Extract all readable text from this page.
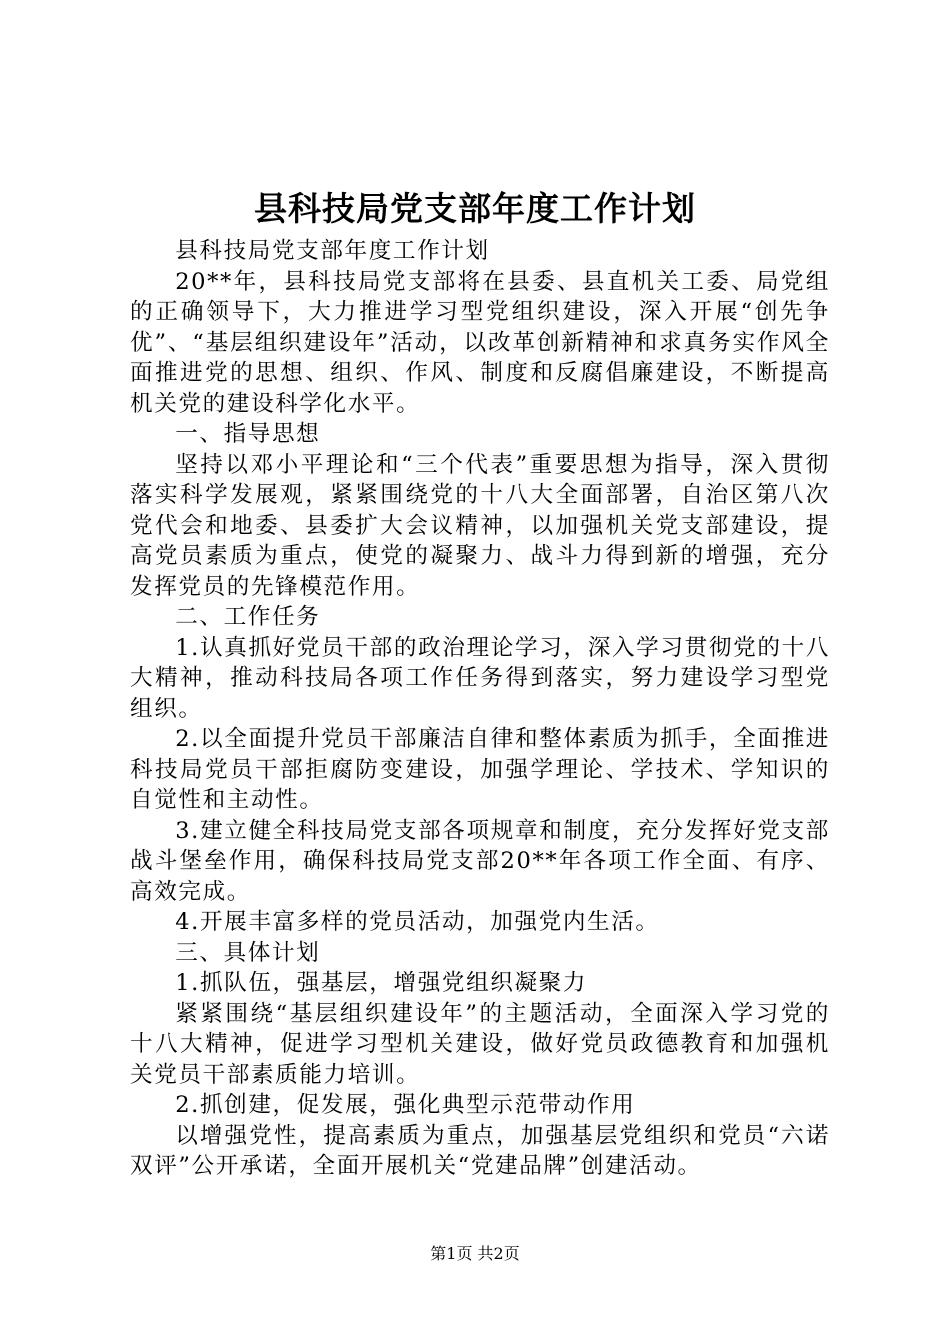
县科技局党支部年度工作计划

县科技局党支部年度工作计划

20**年，县科技局党支部将在县委、县直机关工委、局党组的正确领导下，大力推进学习型党组织建设，深入开展“创先争优”、“基层组织建设年”活动，以改革创新精神和求真务实作风全面推进党的思想、组织、作风、制度和反腐倡廉建设，不断提高机关党的建设科学化水平。

一、指导思想

坚持以邓小平理论和“三个代表”重要思想为指导，深入贯彻落实科学发展观，紧紧围绕党的十八大全面部署，自治区第八次党代会和地委、县委扩大会议精神，以加强机关党支部建设，提高党员素质为重点，使党的凝聚力、战斗力得到新的增强，充分发挥党员的先锋模范作用。

二、工作任务

1.认真抓好党员干部的政治理论学习，深入学习贯彻党的十八大精神，推动科技局各项工作任务得到落实，努力建设学习型党组织。

2.以全面提升党员干部廉洁自律和整体素质为抓手，全面推进科技局党员干部拒腐防变建设，加强学理论、学技术、学知识的自觉性和主动性。

3.建立健全科技局党支部各项规章和制度，充分发挥好党支部战斗堡垒作用，确保科技局党支部20**年各项工作全面、有序、高效完成。

4.开展丰富多样的党员活动，加强党内生活。

三、具体计划

1.抓队伍，强基层，增强党组织凝聚力

紧紧围绕“基层组织建设年”的主题活动，全面深入学习党的十八大精神，促进学习型机关建设，做好党员政德教育和加强机关党员干部素质能力培训。

2.抓创建，促发展，强化典型示范带动作用

以增强党性，提高素质为重点，加强基层党组织和党员“六诺双评”公开承诺，全面开展机关“党建品牌”创建活动。

第1页 共2页
